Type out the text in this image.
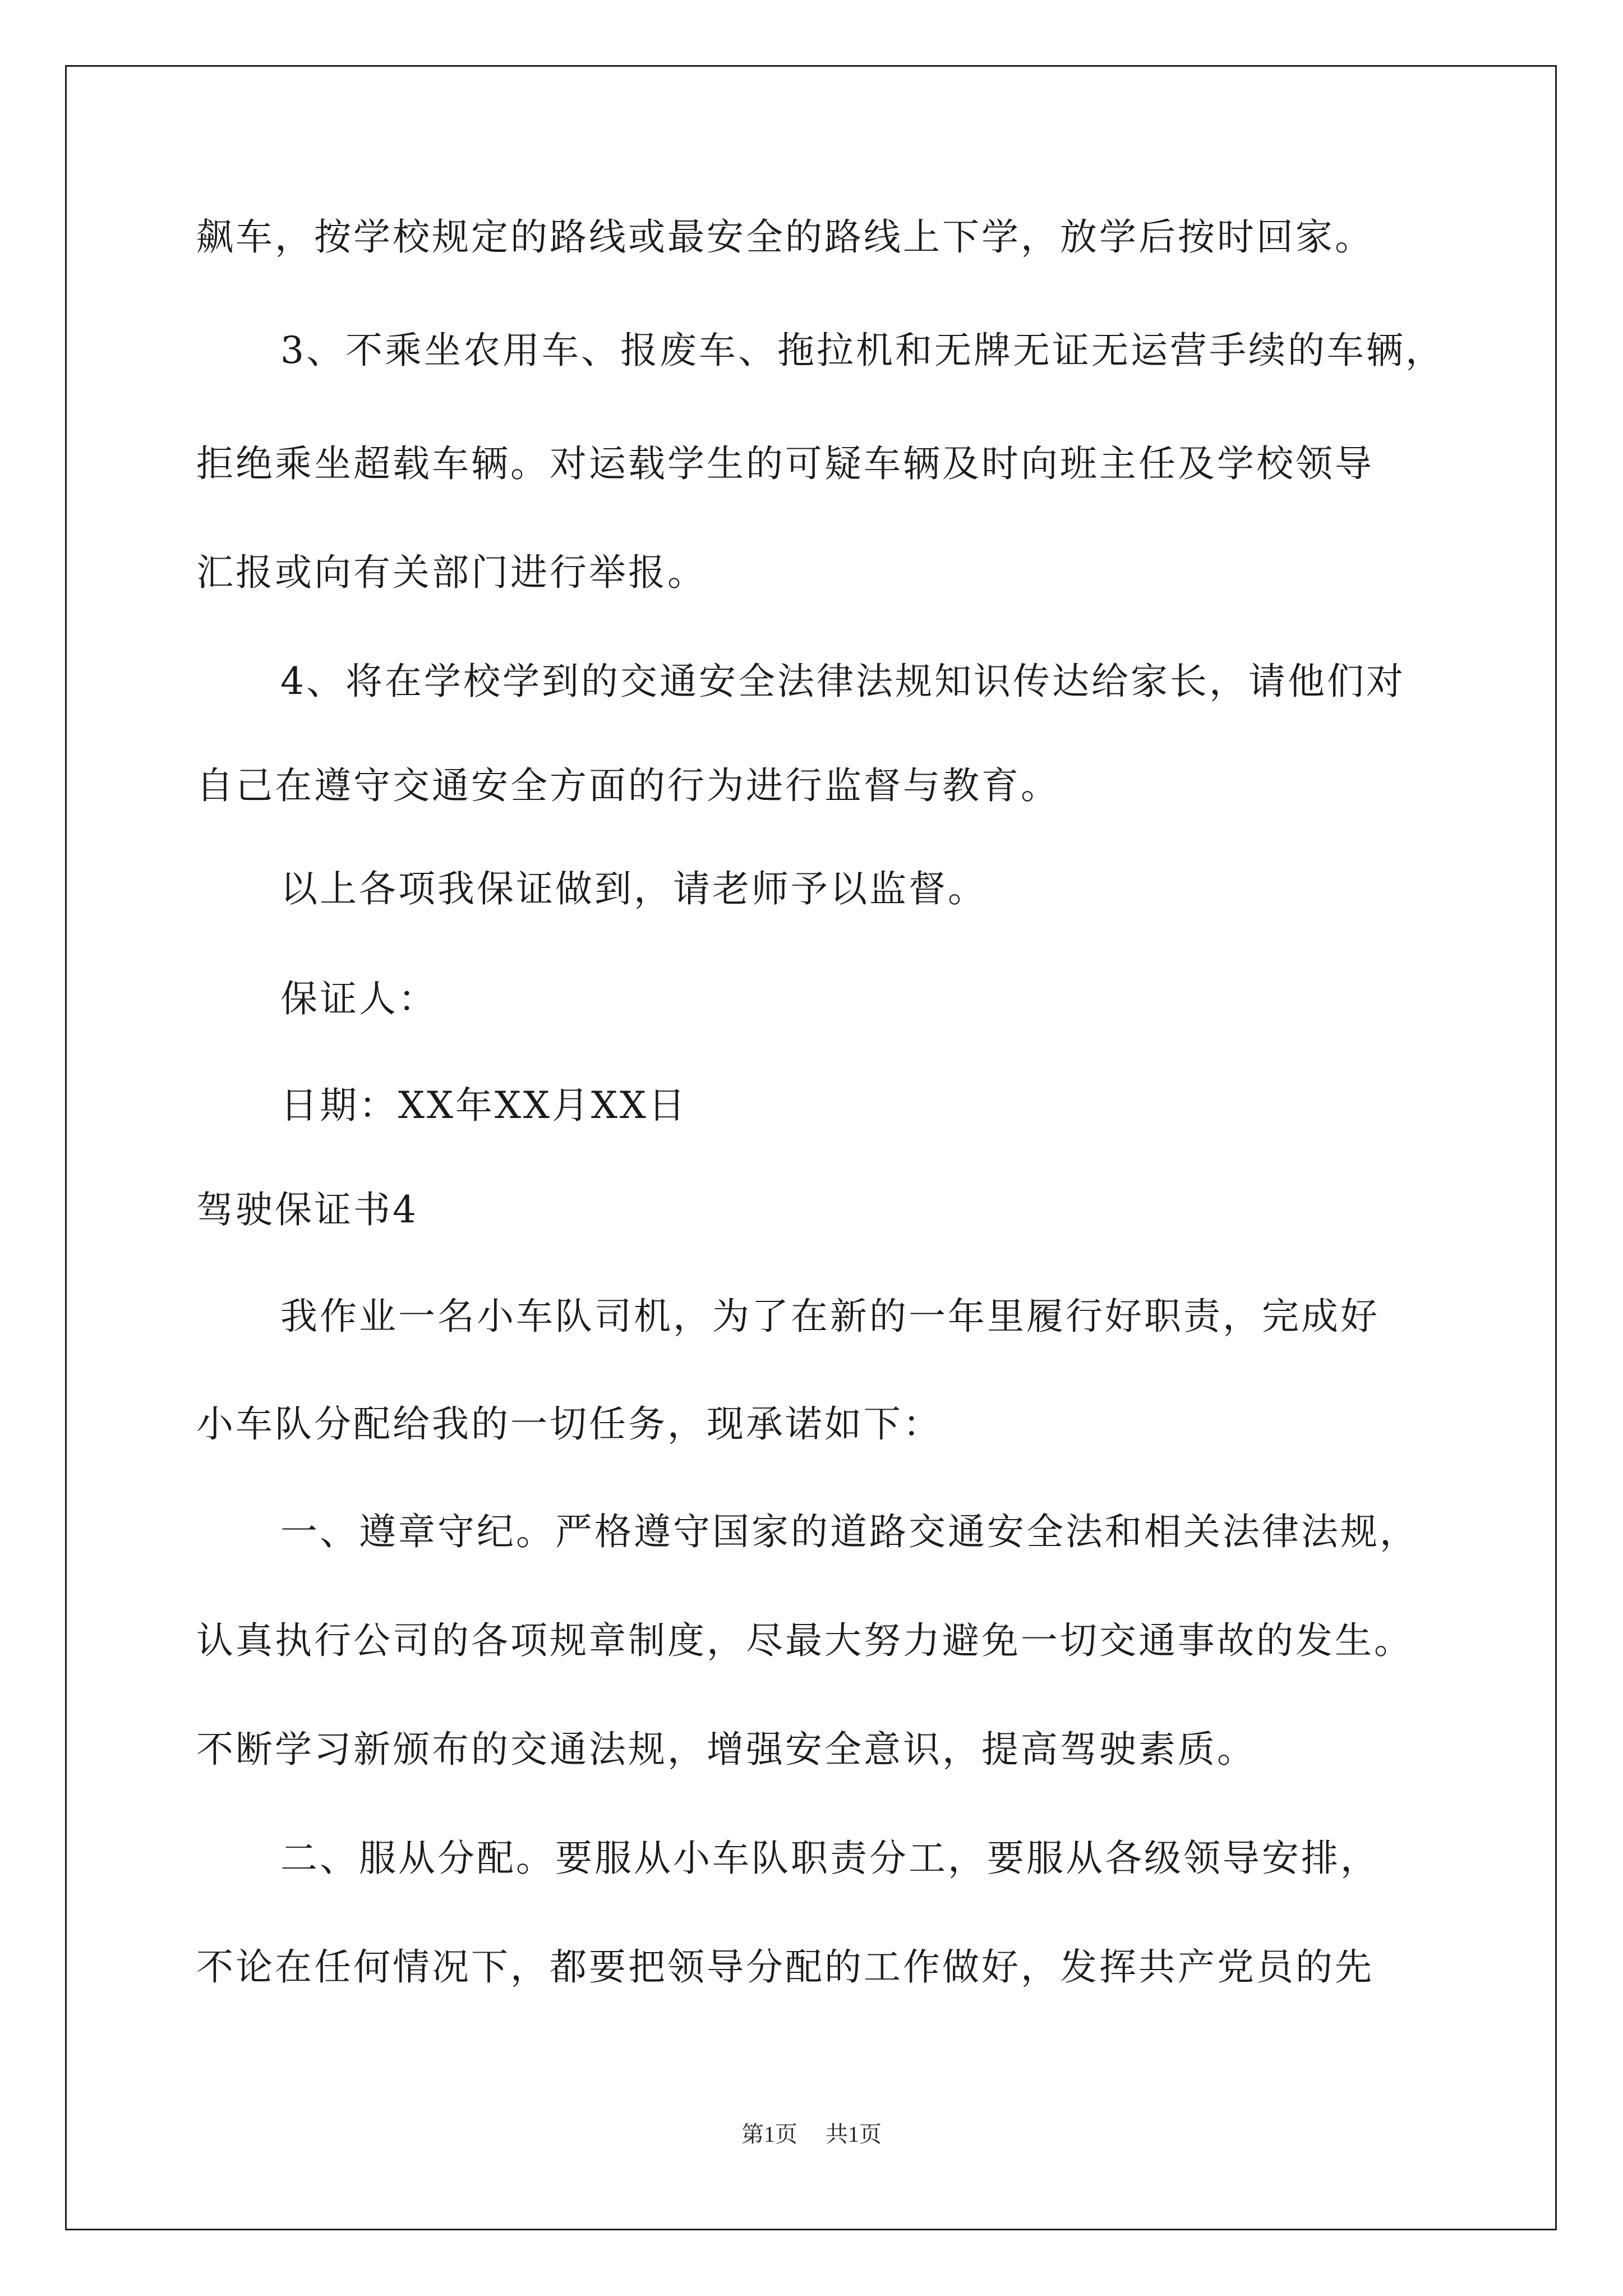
飙车，按学校规定的路线或最安全的路线上下学，放学后按时回家。
3、不乘坐农用车、报废车、拖拉机和无牌无证无运营手续的车辆，
拒绝乘坐超载车辆。对运载学生的可疑车辆及时向班主任及学校领导
汇报或向有关部门进行举报。
4、将在学校学到的交通安全法律法规知识传达给家长，请他们对
自己在遵守交通安全方面的行为进行监督与教育。
以上各项我保证做到，请老师予以监督。
保证人：
日期：XX年XX月XX日
驾驶保证书4
我作业一名小车队司机，为了在新的一年里履行好职责，完成好
小车队分配给我的一切任务，现承诺如下：
一、遵章守纪。严格遵守国家的道路交通安全法和相关法律法规，
认真执行公司的各项规章制度，尽最大努力避免一切交通事故的发生。
不断学习新颁布的交通法规，增强安全意识，提高驾驶素质。
二、服从分配。要服从小车队职责分工，要服从各级领导安排，
不论在任何情况下，都要把领导分配的工作做好，发挥共产党员的先
第1页 共1页
